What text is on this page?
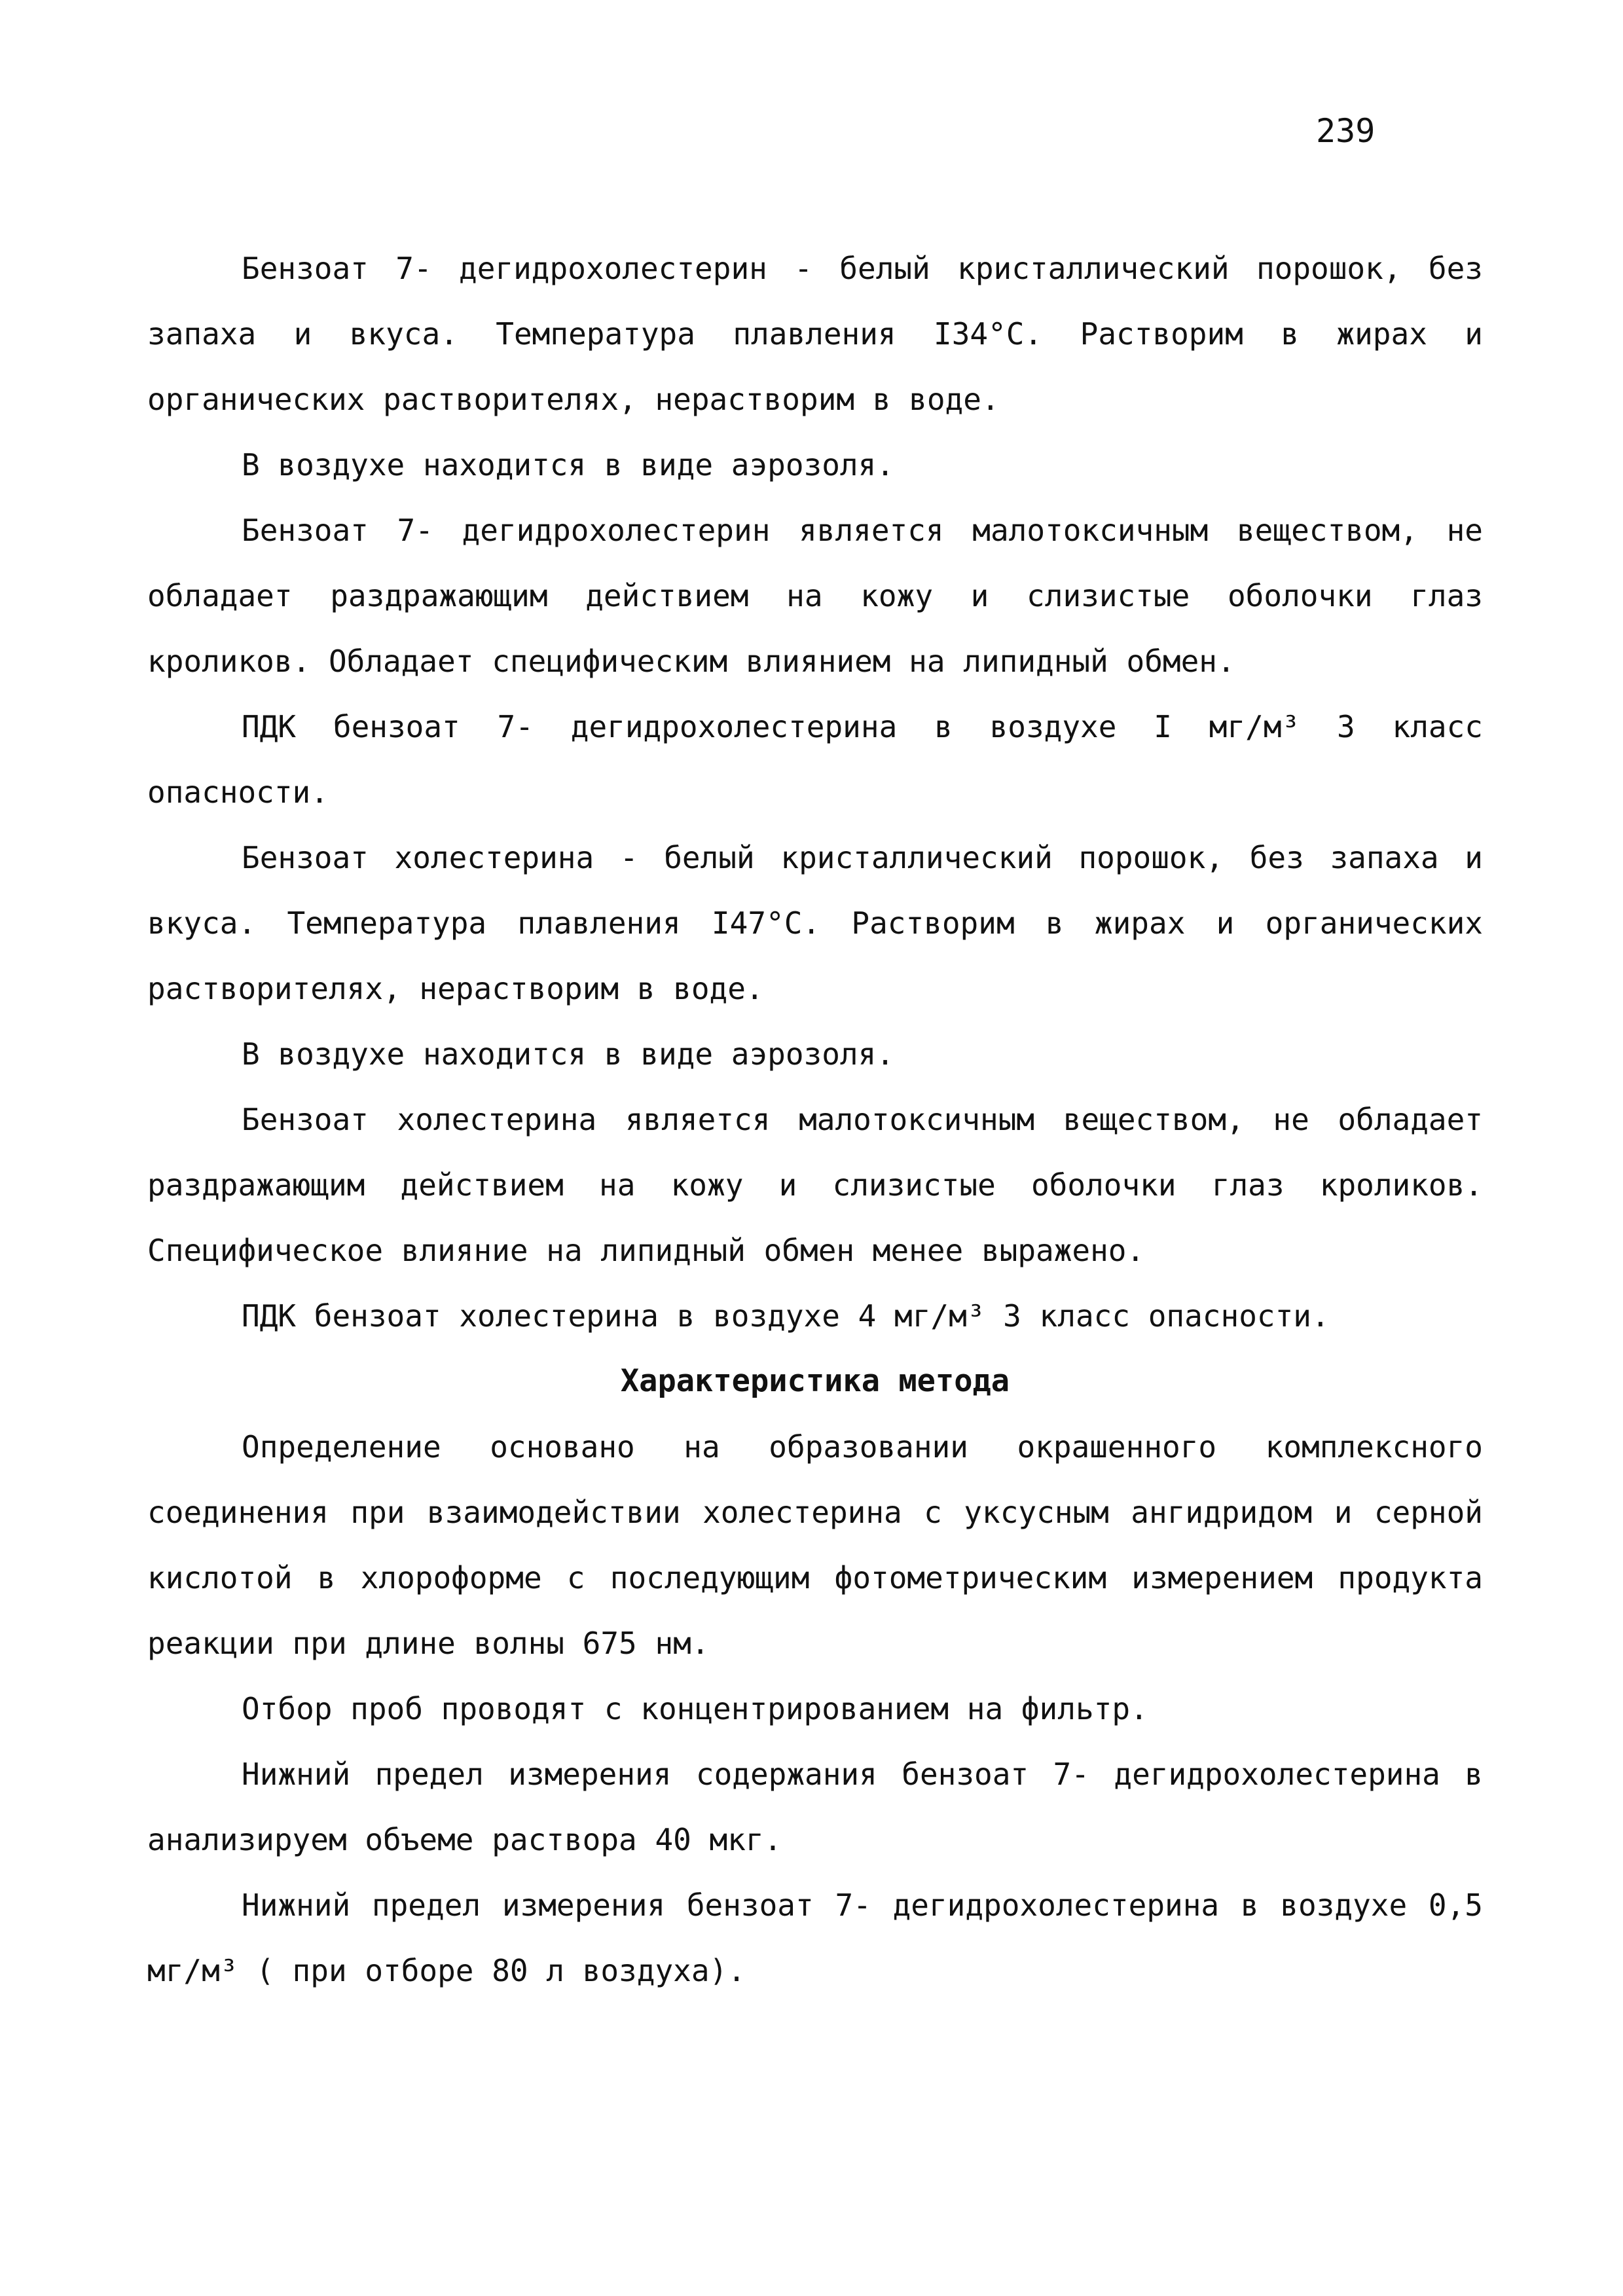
239

Бензоат 7- дегидрохолестерин - белый кристаллический порошок, без запаха и вкуса. Температура плавления I34°C. Растворим в жирах и органических растворителях, нерастворим в воде.

В воздухе находится в виде аэрозоля.

Бензоат 7- дегидрохолестерин является малотоксичным веществом, не обладает раздражающим действием на кожу и слизистые оболочки глаз кроликов. Обладает специфическим влиянием на липидный обмен.

ПДК бензоат 7- дегидрохолестерина в воздухе I мг/м³ 3 класс опасности.

Бензоат холестерина - белый кристаллический порошок, без запаха и вкуса. Температура плавления I47°C. Растворим в жирах и органических растворителях, нерастворим в воде.

В воздухе находится в виде аэрозоля.

Бензоат холестерина является малотоксичным веществом, не обладает раздражающим действием на кожу и слизистые оболочки глаз кроликов. Специфическое влияние на липидный обмен менее выражено.

ПДК бензоат холестерина в воздухе 4 мг/м³ 3 класс опасности.

Характеристика метода

Определение основано на образовании окрашенного комплексного соединения при взаимодействии холестерина с уксусным ангидридом и серной кислотой в хлороформе с последующим фотометрическим измерением продукта реакции при длине волны 675 нм.

Отбор проб проводят с концентрированием на фильтр.

Нижний предел измерения содержания бензоат 7- дегидрохолестерина в анализируем объеме раствора 40 мкг.

Нижний предел измерения бензоат 7- дегидрохолестерина в воздухе 0,5 мг/м³ ( при отборе 80 л воздуха).
